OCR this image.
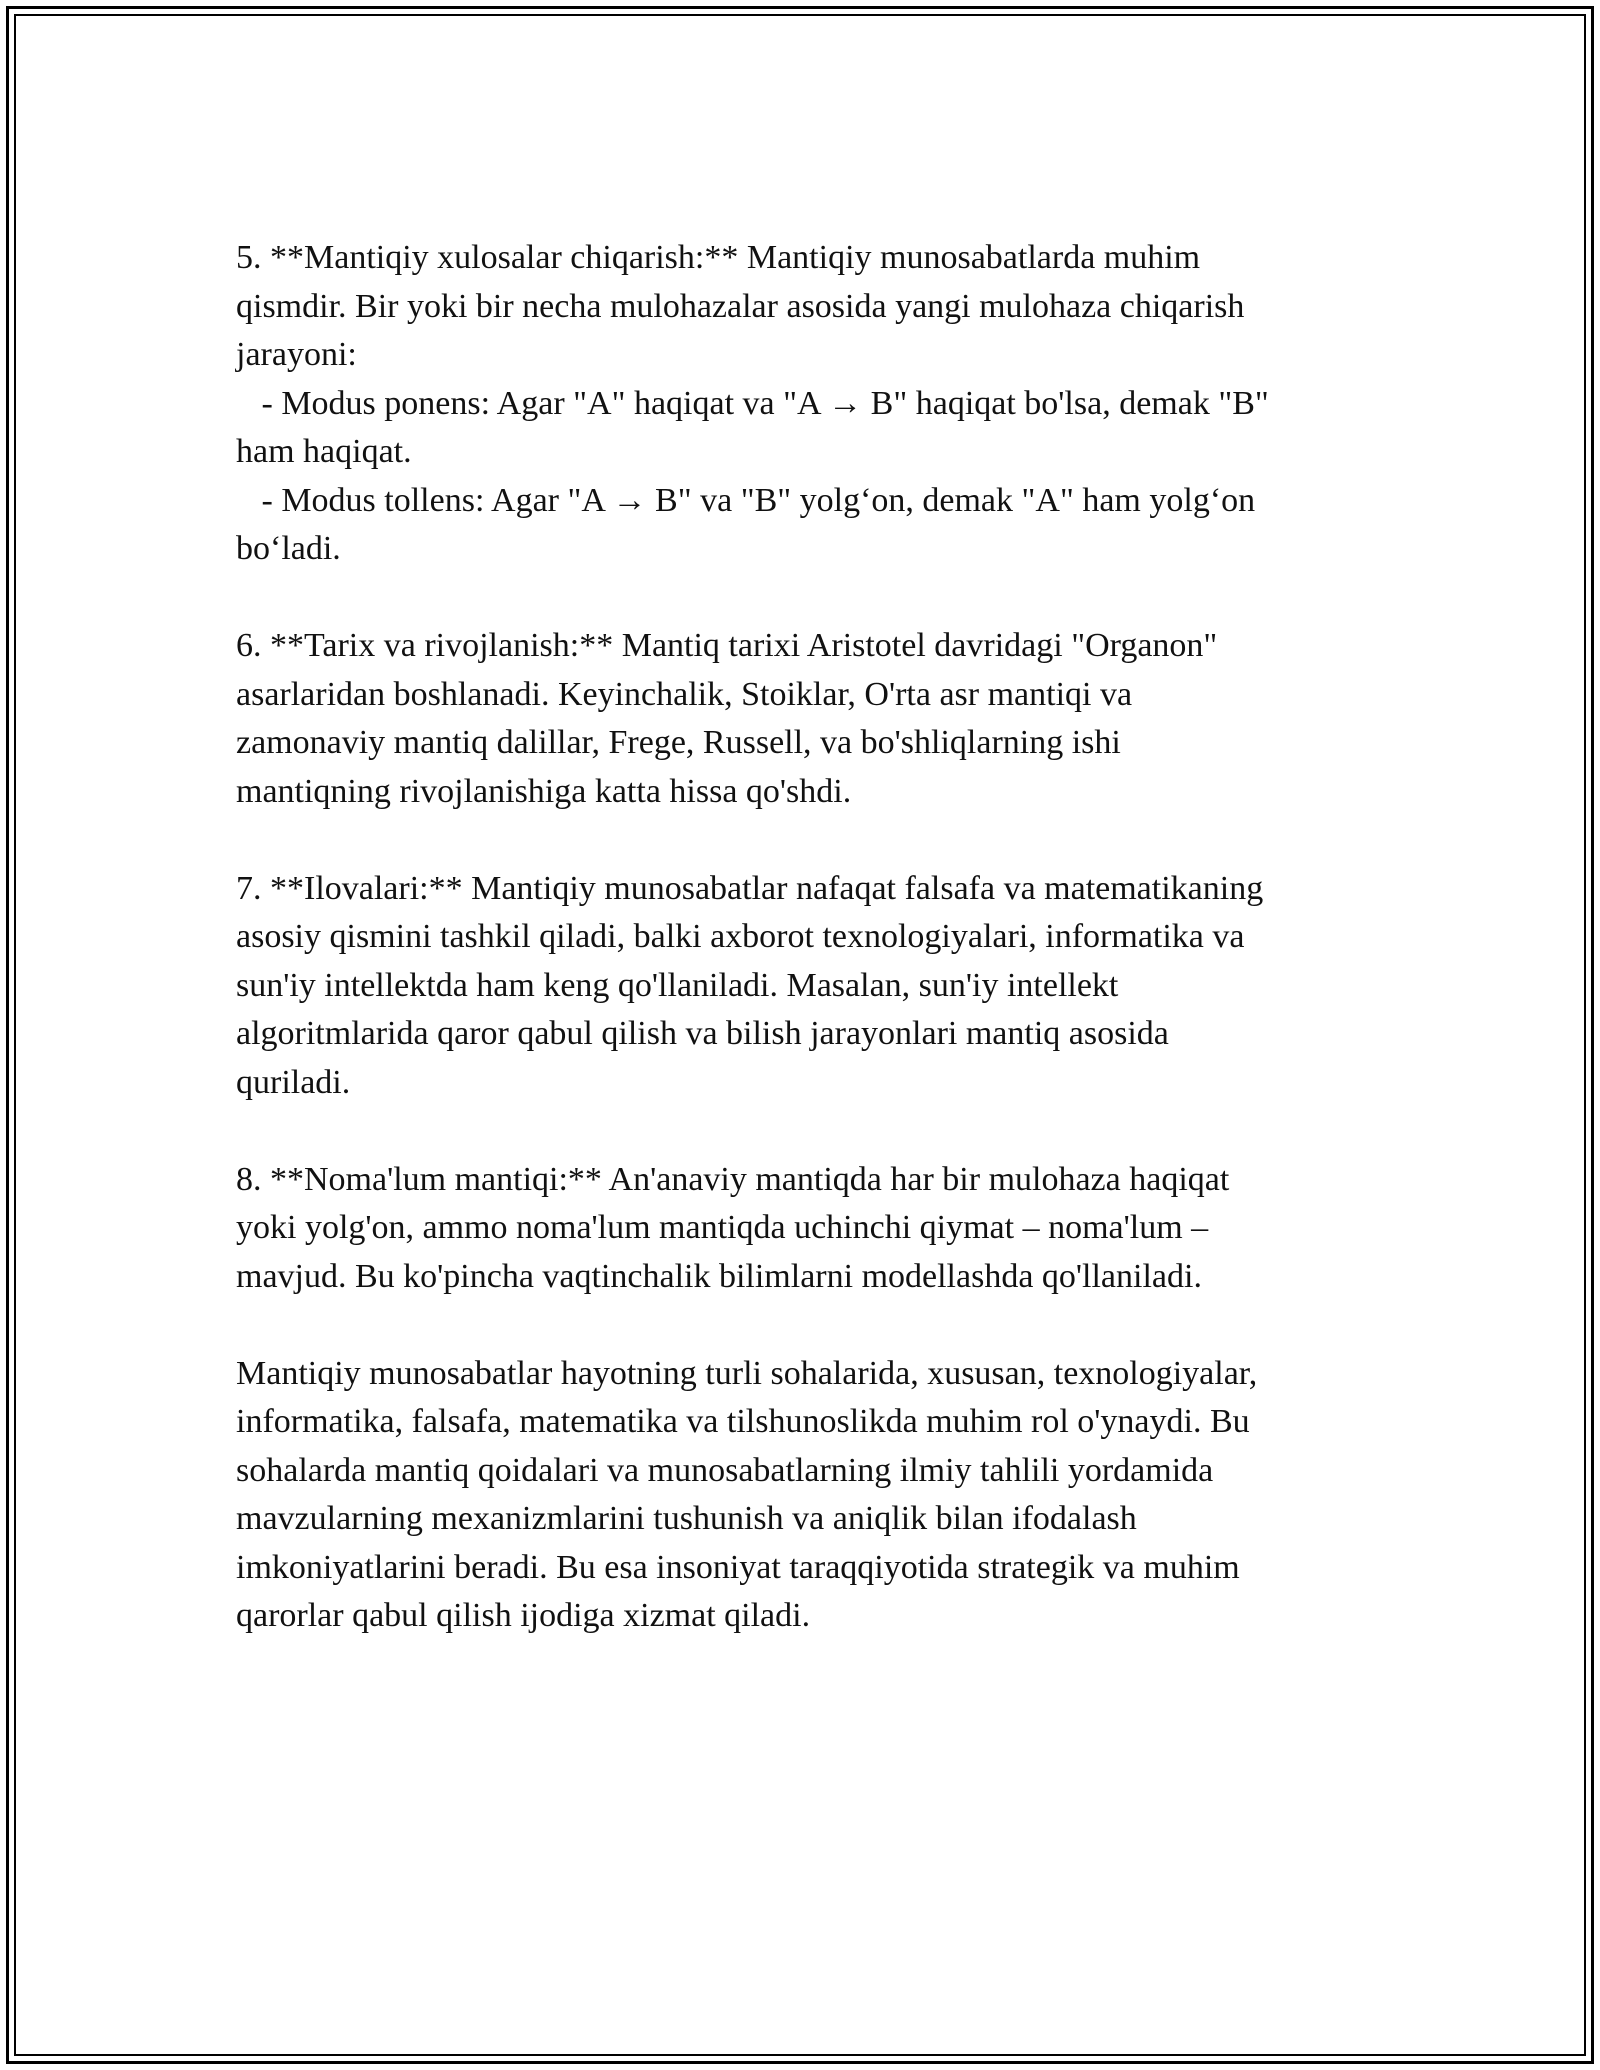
5. **Mantiqiy xulosalar chiqarish:** Mantiqiy munosabatlarda muhim
qismdir. Bir yoki bir necha mulohazalar asosida yangi mulohaza chiqarish
jarayoni:
- Modus ponens: Agar "A" haqiqat va "A → B" haqiqat bo'lsa, demak "B"
ham haqiqat.
- Modus tollens: Agar "A → B" va "B" yolg‘on, demak "A" ham yolg‘on
bo‘ladi.
6. **Tarix va rivojlanish:** Mantiq tarixi Aristotel davridagi "Organon"
asarlaridan boshlanadi. Keyinchalik, Stoiklar, O'rta asr mantiqi va
zamonaviy mantiq dalillar, Frege, Russell, va bo'shliqlarning ishi
mantiqning rivojlanishiga katta hissa qo'shdi.
7. **Ilovalari:** Mantiqiy munosabatlar nafaqat falsafa va matematikaning
asosiy qismini tashkil qiladi, balki axborot texnologiyalari, informatika va
sun'iy intellektda ham keng qo'llaniladi. Masalan, sun'iy intellekt
algoritmlarida qaror qabul qilish va bilish jarayonlari mantiq asosida
quriladi.
8. **Noma'lum mantiqi:** An'anaviy mantiqda har bir mulohaza haqiqat
yoki yolg'on, ammo noma'lum mantiqda uchinchi qiymat – noma'lum –
mavjud. Bu ko'pincha vaqtinchalik bilimlarni modellashda qo'llaniladi.
Mantiqiy munosabatlar hayotning turli sohalarida, xususan, texnologiyalar,
informatika, falsafa, matematika va tilshunoslikda muhim rol o'ynaydi. Bu
sohalarda mantiq qoidalari va munosabatlarning ilmiy tahlili yordamida
mavzularning mexanizmlarini tushunish va aniqlik bilan ifodalash
imkoniyatlarini beradi. Bu esa insoniyat taraqqiyotida strategik va muhim
qarorlar qabul qilish ijodiga xizmat qiladi.
